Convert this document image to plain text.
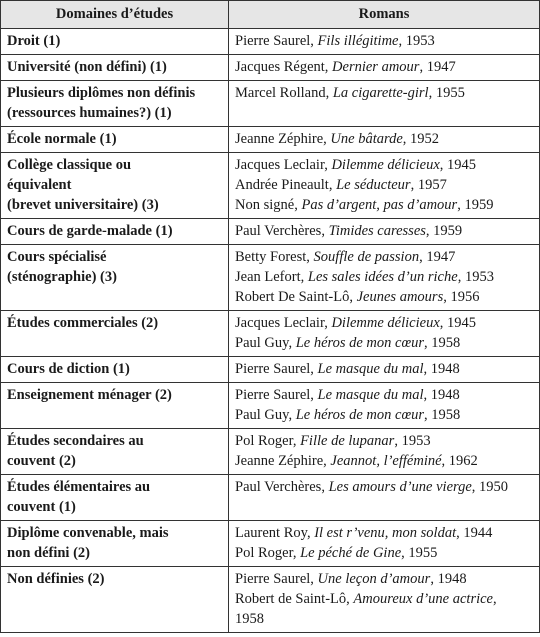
Domaines d’études	Romans

Droit (1)	Pierre Saurel, Fils illégitime, 1953

Université (non défini) (1)	Jacques Régent, Dernier amour, 1947

Plusieurs diplômes non définis
(ressources humaines?) (1)	Marcel Rolland, La cigarette-girl, 1955

École normale (1)	Jeanne Zéphire, Une bâtarde, 1952

Collège classique ou
équivalent
(brevet universitaire) (3)	Jacques Leclair, Dilemme délicieux, 1945
Andrée Pineault, Le séducteur, 1957
Non signé, Pas d’argent, pas d’amour, 1959

Cours de garde-malade (1)	Paul Verchères, Timides caresses, 1959

Cours spécialisé
(sténographie) (3)	Betty Forest, Souffle de passion, 1947
Jean Lefort, Les sales idées d’un riche, 1953
Robert De Saint-Lô, Jeunes amours, 1956

Études commerciales (2)	Jacques Leclair, Dilemme délicieux, 1945
Paul Guy, Le héros de mon cœur, 1958

Cours de diction (1)	Pierre Saurel, Le masque du mal, 1948

Enseignement ménager (2)	Pierre Saurel, Le masque du mal, 1948
Paul Guy, Le héros de mon cœur, 1958

Études secondaires au
couvent (2)	Pol Roger, Fille de lupanar, 1953
Jeanne Zéphire, Jeannot, l’efféminé, 1962

Études élémentaires au
couvent (1)	Paul Verchères, Les amours d’une vierge, 1950

Diplôme convenable, mais
non défini (2)	Laurent Roy, Il est r’venu, mon soldat, 1944
Pol Roger, Le péché de Gine, 1955

Non définies (2)	Pierre Saurel, Une leçon d’amour, 1948
Robert de Saint-Lô, Amoureux d’une actrice,
1958
